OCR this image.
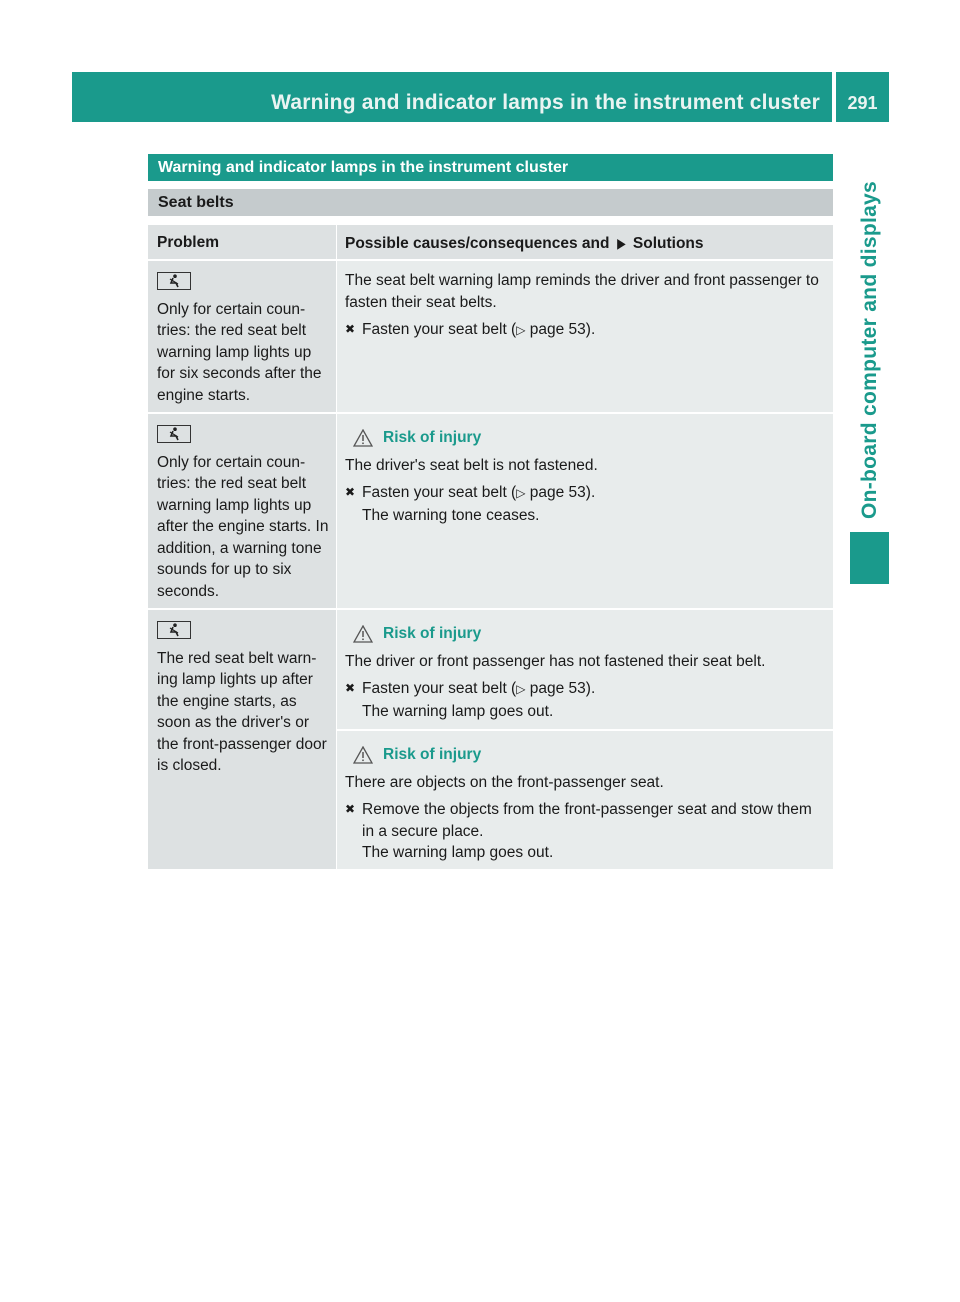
Warning and indicator lamps in the instrument cluster	291
On-board computer and displays
Warning and indicator lamps in the instrument cluster
Seat belts
Problem	Possible causes/consequences and ▶ Solutions

Only for certain coun-tries: the red seat belt warning lamp lights up for six seconds after the engine starts.

The seat belt warning lamp reminds the driver and front passenger to fasten their seat belts.

✖ Fasten your seat belt (▷ page 53).

Only for certain coun-tries: the red seat belt warning lamp lights up after the engine starts. In addition, a warning tone sounds for up to six seconds.

Risk of injury

The driver's seat belt is not fastened.

✖ Fasten your seat belt (▷ page 53).
The warning tone ceases.

The red seat belt warn-ing lamp lights up after the engine starts, as soon as the driver's or the front-passenger door is closed.

Risk of injury

The driver or front passenger has not fastened their seat belt.

✖ Fasten your seat belt (▷ page 53).
The warning lamp goes out.
Risk of injury

There are objects on the front-passenger seat.

✖ Remove the objects from the front-passenger seat and stow them in a secure place.
The warning lamp goes out.
